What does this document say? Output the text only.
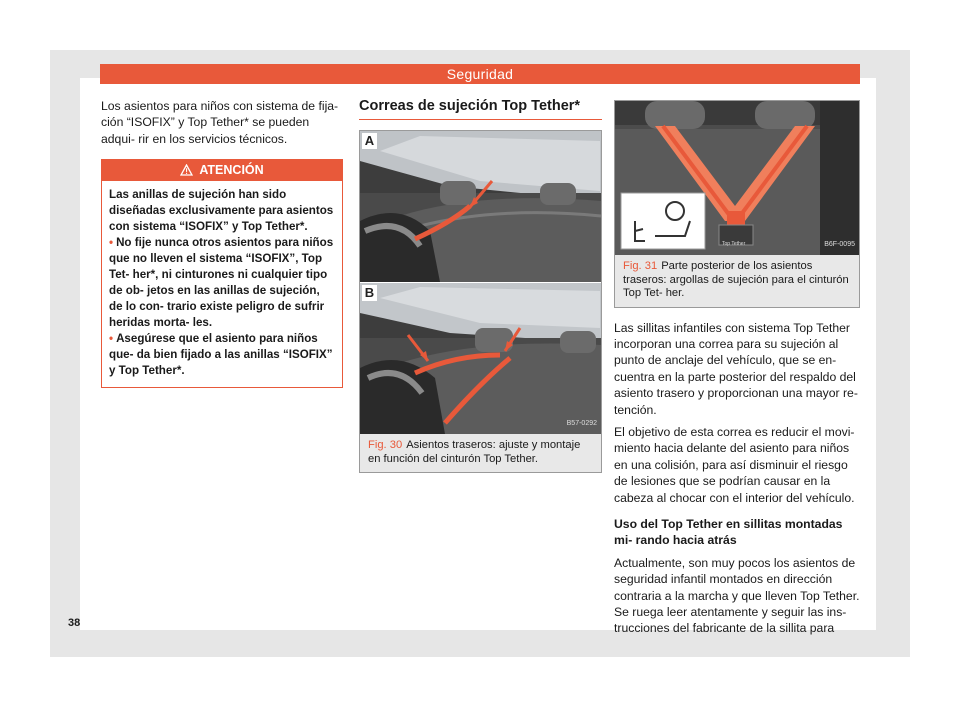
Seguridad

Los asientos para niños con sistema de fija- ción “ISOFIX” y Top Tether* se pueden adqui- rir en los servicios técnicos.

ATENCIÓN

Las anillas de sujeción han sido diseñadas exclusivamente para asientos con sistema “ISOFIX” y Top Tether*.

• No fije nunca otros asientos para niños que no lleven el sistema “ISOFIX”, Top Tet- her*, ni cinturones ni cualquier tipo de ob- jetos en las anillas de sujeción, de lo con- trario existe peligro de sufrir heridas morta- les.

• Asegúrese que el asiento para niños que- da bien fijado a las anillas “ISOFIX” y Top Tether*.

Correas de sujeción Top Tether*
A
B
B57-0292
Fig. 30 Asientos traseros: ajuste y montaje en función del cinturón Top Tether.
Top Tether	B6F-0095
Fig. 31 Parte posterior de los asientos traseros: argollas de sujeción para el cinturón Top Tet- her.

Las sillitas infantiles con sistema Top Tether incorporan una correa para su sujeción al punto de anclaje del vehículo, que se en- cuentra en la parte posterior del respaldo del asiento trasero y proporcionan una mayor re- tención.

El objetivo de esta correa es reducir el movi- miento hacia delante del asiento para niños en una colisión, para así disminuir el riesgo de lesiones que se podrían causar en la cabeza al chocar con el interior del vehículo.

Uso del Top Tether en sillitas montadas mi- rando hacia atrás

Actualmente, son muy pocos los asientos de seguridad infantil montados en dirección contraria a la marcha y que lleven Top Tether. Se ruega leer atentamente y seguir las ins- trucciones del fabricante de la sillita para

38
